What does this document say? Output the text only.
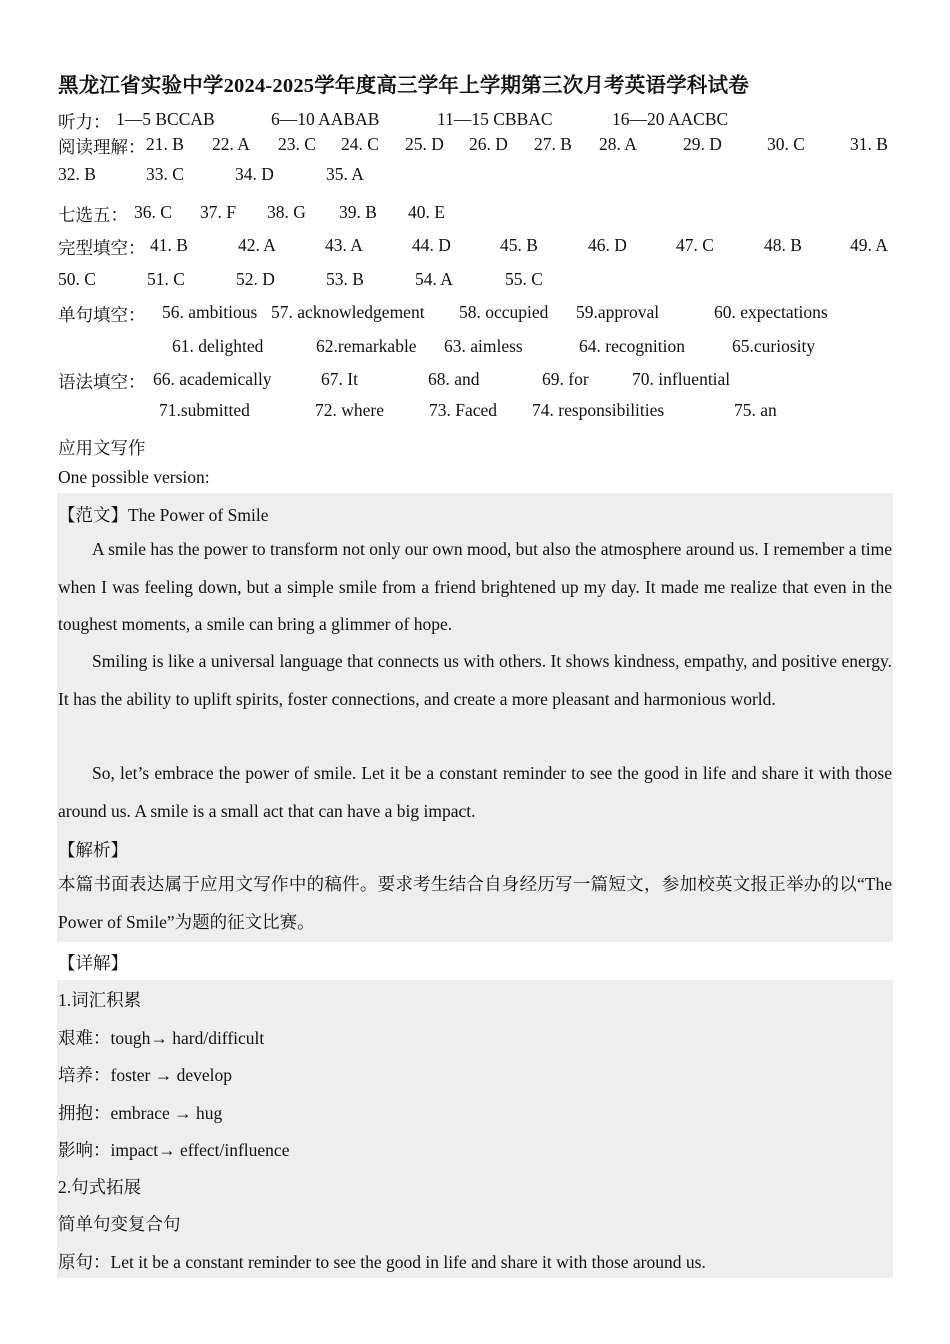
黑龙江省实验中学2024-2025学年度高三学年上学期第三次月考英语学科试卷
听力： 1—5 BCCAB	6—10 AABAB	11—15 CBBAC	16—20 AACBC
阅读理解： 21. B 22. A 23. C 24. C 25. D 26. D 27. B 28. A	29. D	30. C	31. B
32. B	33. C	34. D	35. A
七选五： 36. C 37. F 38. G 39. B 40. E
完型填空： 41. B	42. A	43. A	44. D	45. B	46. D	47. C	48. B	49. A
50. C	51. C	52. D	53. B	54. A	55. C
单句填空： 56. ambitious 57. acknowledgement 58. occupied 59.approval	60. expectations
61. delighted	62.remarkable 63. aimless	64. recognition	65.curiosity
语法填空： 66. academically	67. It	68. and	69. for 70. influential
71.submitted	72. where	73. Faced 74. responsibilities	75. an
应用文写作
One possible version:
【范文】The Power of Smile
A smile has the power to transform not only our own mood, but also the atmosphere around us. I remember a time when I was feeling down, but a simple smile from a friend brightened up my day. It made me realize that even in the toughest moments, a smile can bring a glimmer of hope.
Smiling is like a universal language that connects us with others. It shows kindness, empathy, and positive energy. It has the ability to uplift spirits, foster connections, and create a more pleasant and harmonious world.
So, let’s embrace the power of smile. Let it be a constant reminder to see the good in life and share it with those around us. A smile is a small act that can have a big impact.
【解析】
本篇书面表达属于应用文写作中的稿件。要求考生结合自身经历写一篇短文，参加校英文报正举办的以“The Power of Smile”为题的征文比赛。
【详解】
1.词汇积累
艰难：tough→ hard/difficult
培养：foster → develop
拥抱：embrace → hug
影响：impact→ effect/influence
2.句式拓展
简单句变复合句
原句：Let it be a constant reminder to see the good in life and share it with those around us.
